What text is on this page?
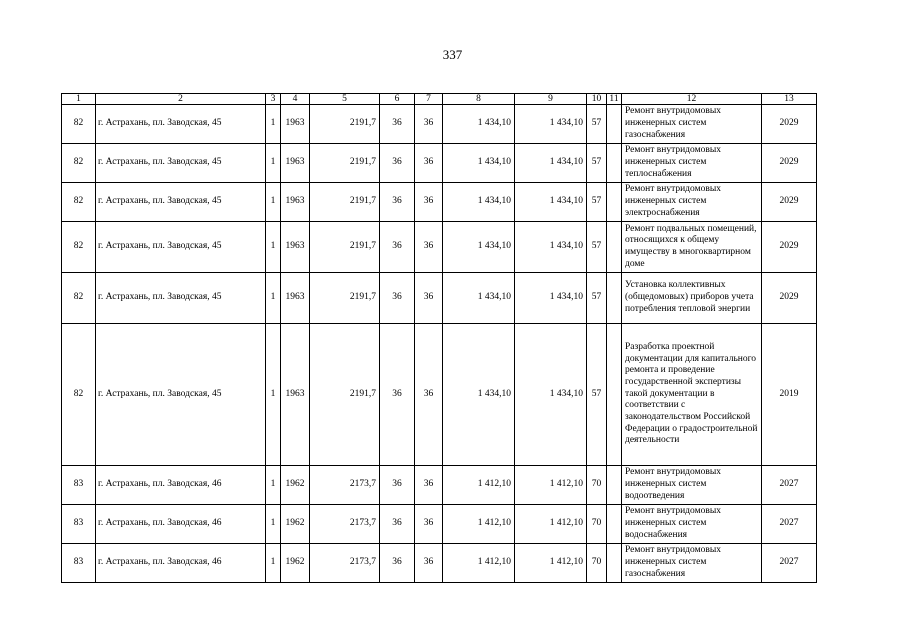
337
1	2	3	4	5	6	7	8	9	10	11	12	13
82	г. Астрахань, пл. Заводская, 45	1	1963	2191,7	36	36	1 434,10	1 434,10	57		Ремонт внутридомовых инженерных систем газоснабжения	2029
82	г. Астрахань, пл. Заводская, 45	1	1963	2191,7	36	36	1 434,10	1 434,10	57		Ремонт внутридомовых инженерных систем теплоснабжения	2029
82	г. Астрахань, пл. Заводская, 45	1	1963	2191,7	36	36	1 434,10	1 434,10	57		Ремонт внутридомовых инженерных систем электроснабжения	2029
82	г. Астрахань, пл. Заводская, 45	1	1963	2191,7	36	36	1 434,10	1 434,10	57		Ремонт подвальных помещений, относящихся к общему имуществу в многоквартирном доме	2029
82	г. Астрахань, пл. Заводская, 45	1	1963	2191,7	36	36	1 434,10	1 434,10	57		Установка коллективных (общедомовых) приборов учета потребления тепловой энергии	2029
82	г. Астрахань, пл. Заводская, 45	1	1963	2191,7	36	36	1 434,10	1 434,10	57		Разработка проектной документации для капитального ремонта и проведение государственной экспертизы такой документации в соответствии с законодательством Российской Федерации о градостроительной деятельности	2019
83	г. Астрахань, пл. Заводская, 46	1	1962	2173,7	36	36	1 412,10	1 412,10	70		Ремонт внутридомовых инженерных систем водоотведения	2027
83	г. Астрахань, пл. Заводская, 46	1	1962	2173,7	36	36	1 412,10	1 412,10	70		Ремонт внутридомовых инженерных систем водоснабжения	2027
83	г. Астрахань, пл. Заводская, 46	1	1962	2173,7	36	36	1 412,10	1 412,10	70		Ремонт внутридомовых инженерных систем газоснабжения	2027
